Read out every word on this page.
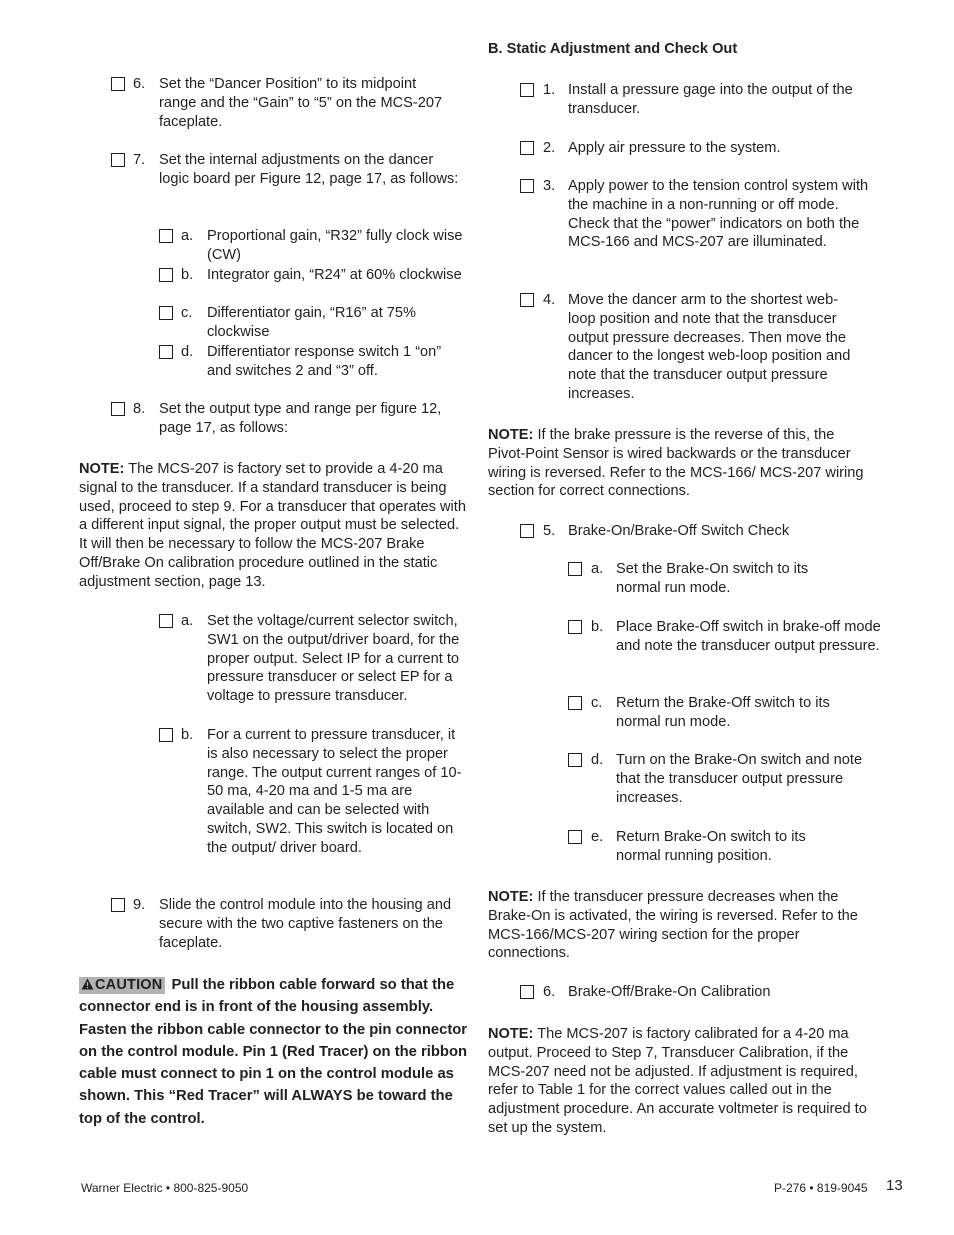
6. Set the “Dancer Position” to its midpoint range and the “Gain” to “5” on the MCS-207 faceplate.
7. Set the internal adjustments on the dancer logic board per Figure 12, page 17, as follows:
a. Proportional gain, “R32” fully clock wise (CW)
b. Integrator gain, “R24” at 60% clockwise
c. Differentiator gain, “R16” at 75% clockwise
d. Differentiator response switch 1 “on” and switches 2 and “3” off.
8. Set the output type and range per figure 12, page 17, as follows:
NOTE: The MCS-207 is factory set to provide a 4-20 ma signal to the transducer. If a standard transducer is being used, proceed to step 9. For a transducer that operates with a different input signal, the proper output must be selected. It will then be necessary to follow the MCS-207 Brake Off/Brake On calibration procedure outlined in the static adjustment section, page 13.
a. Set the voltage/current selector switch, SW1 on the output/driver board, for the proper output. Select IP for a current to pressure transducer or select EP for a voltage to pressure transducer.
b. For a current to pressure transducer, it is also necessary to select the proper range. The output current ranges of 10-50 ma, 4-20 ma and 1-5 ma are available and can be selected with switch, SW2. This switch is located on the output/ driver board.
9. Slide the control module into the housing and secure with the two captive fasteners on the faceplate.
CAUTION Pull the ribbon cable forward so that the connector end is in front of the housing assembly. Fasten the ribbon cable connector to the pin connector on the control module. Pin 1 (Red Tracer) on the ribbon cable must connect to pin 1 on the control module as shown. This “Red Tracer” will ALWAYS be toward the top of the control.
B. Static Adjustment and Check Out
1. Install a pressure gage into the output of the transducer.
2. Apply air pressure to the system.
3. Apply power to the tension control system with the machine in a non-running or off mode. Check that the “power” indicators on both the MCS-166 and MCS-207 are illuminated.
4. Move the dancer arm to the shortest web-loop position and note that the transducer output pressure decreases. Then move the dancer to the longest web-loop position and note that the transducer output pressure increases.
NOTE: If the brake pressure is the reverse of this, the Pivot-Point Sensor is wired backwards or the transducer wiring is reversed. Refer to the MCS-166/ MCS-207 wiring section for correct connections.
5. Brake-On/Brake-Off Switch Check
a. Set the Brake-On switch to its normal run mode.
b. Place Brake-Off switch in brake-off mode and note the transducer output pressure.
c. Return the Brake-Off switch to its normal run mode.
d. Turn on the Brake-On switch and note that the transducer output pressure increases.
e. Return Brake-On switch to its normal running position.
NOTE: If the transducer pressure decreases when the Brake-On is activated, the wiring is reversed. Refer to the MCS-166/MCS-207 wiring section for the proper connections.
6. Brake-Off/Brake-On Calibration
NOTE: The MCS-207 is factory calibrated for a 4-20 ma output. Proceed to Step 7, Transducer Calibration, if the MCS-207 need not be adjusted. If adjustment is required, refer to Table 1 for the correct values called out in the adjustment procedure. An accurate voltmeter is required to set up the system.
Warner Electric • 800-825-9050	P-276 • 819-9045 13
